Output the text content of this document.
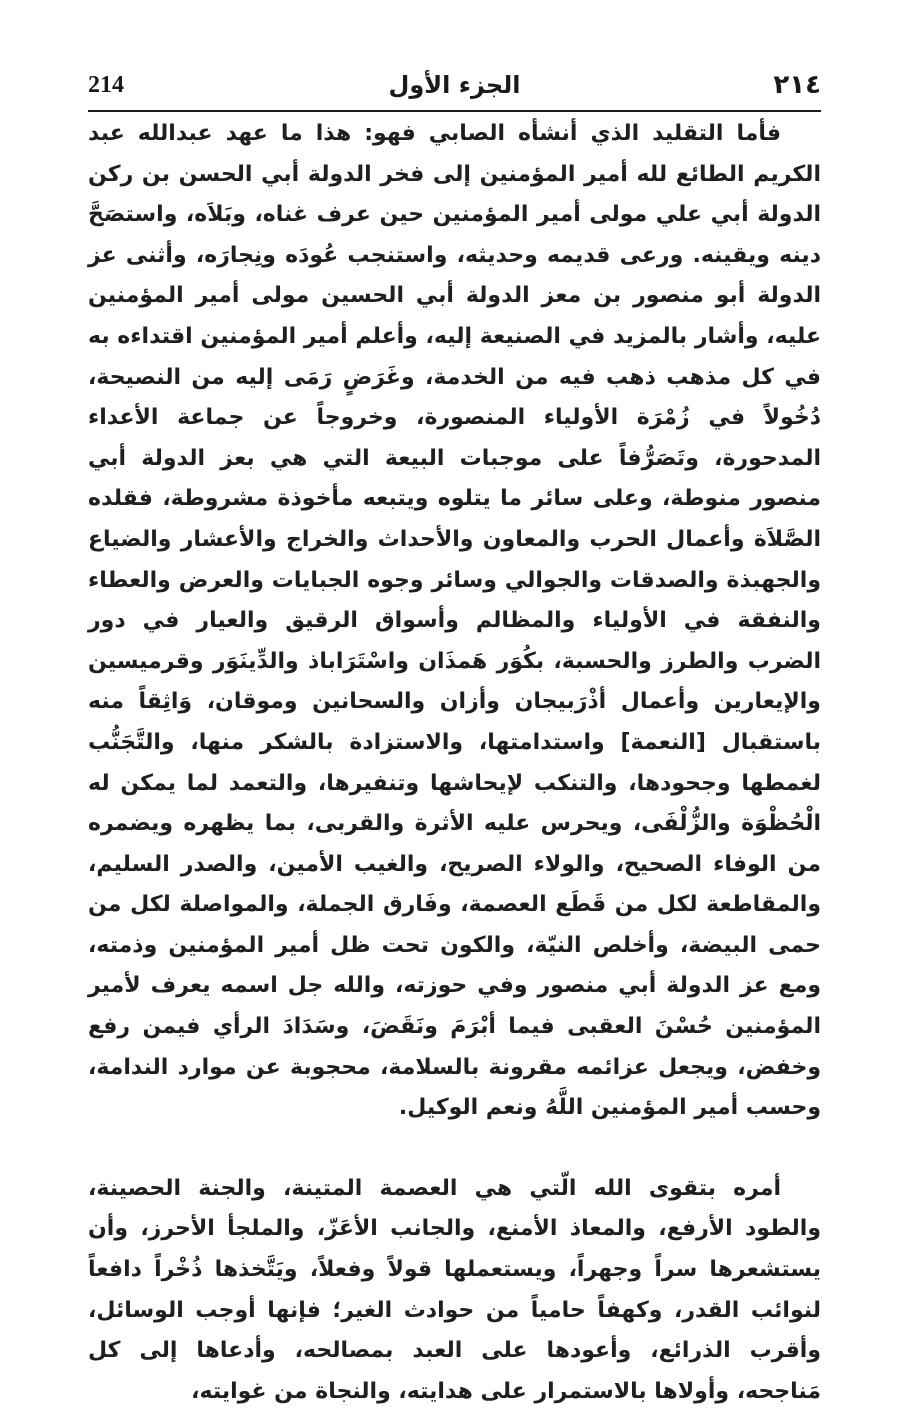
214	الجزء الأول	٢١٤

فأما التقليد الذي أنشأه الصابي فهو: هذا ما عهد عبدالله عبد الكريم الطائع لله أمير المؤمنين إلى فخر الدولة أبي الحسن بن ركن الدولة أبي علي مولى أمير المؤمنين حين عرف غناه، وبَلاَه، واستصَحَّ دينه ويقينه. ورعى قديمه وحديثه، واستنجب عُودَه ونِجارَه، وأثنى عز الدولة أبو منصور بن معز الدولة أبي الحسين مولى أمير المؤمنين عليه، وأشار بالمزيد في الصنيعة إليه، وأعلم أمير المؤمنين اقتداءه به في كل مذهب ذهب فيه من الخدمة، وغَرَضٍ رَمَى إليه من النصيحة، دُخُولاً في زُمْرَة الأولياء المنصورة، وخروجاً عن جماعة الأعداء المدحورة، وتَصَرُّفاً على موجبات البيعة التي هي بعز الدولة أبي منصور منوطة، وعلى سائر ما يتلوه ويتبعه مأخوذة مشروطة، فقلده الصَّلاَة وأعمال الحرب والمعاون والأحداث والخراج والأعشار والضياع والجهبذة والصدقات والجوالي وسائر وجوه الجبايات والعرض والعطاء والنفقة في الأولياء والمظالم وأسواق الرقيق والعيار في دور الضرب والطرز والحسبة، بكُوَر هَمذَان واسْتَرَاباذ والدِّينَوَر وقرميسين والإيعارين وأعمال أذْرَبيجان وأزان والسحانين وموقان، وَاثِقاً منه باستقبال [النعمة] واستدامتها، والاستزادة بالشكر منها، والتَّجَنُّب لغمطها وجحودها، والتنكب لإيحاشها وتنفيرها، والتعمد لما يمكن له الْحُظْوَة والزُّلْفَى، ويحرس عليه الأثرة والقربى، بما يظهره ويضمره من الوفاء الصحيح، والولاء الصريح، والغيب الأمين، والصدر السليم، والمقاطعة لكل من قَطَع العصمة، وفَارق الجملة، والمواصلة لكل من حمى البيضة، وأخلص النيّة، والكون تحت ظل أمير المؤمنين وذمته، ومع عز الدولة أبي منصور وفي حوزته، والله جل اسمه يعرف لأمير المؤمنين حُسْنَ العقبى فيما أبْرَمَ ونَقَضَ، وسَدَادَ الرأي فيمن رفع وخفض، ويجعل عزائمه مقرونة بالسلامة، محجوبة عن موارد الندامة، وحسب أمير المؤمنين اللَّهُ ونعم الوكيل.

أمره بتقوى الله الّتي هي العصمة المتينة، والجنة الحصينة، والطود الأرفع، والمعاذ الأمنع، والجانب الأعَزّ، والملجأ الأحرز، وأن يستشعرها سراً وجهراً، ويستعملها قولاً وفعلاً، ويَتَّخذها ذُخْراً دافعاً لنوائب القدر، وكهفاً حامياً من حوادث الغير؛ فإنها أوجب الوسائل، وأقرب الذرائع، وأعودها على العبد بمصالحه، وأدعاها إلى كل مَناجحه، وأولاها بالاستمرار على هدايته، والنجاة من غوايته،
